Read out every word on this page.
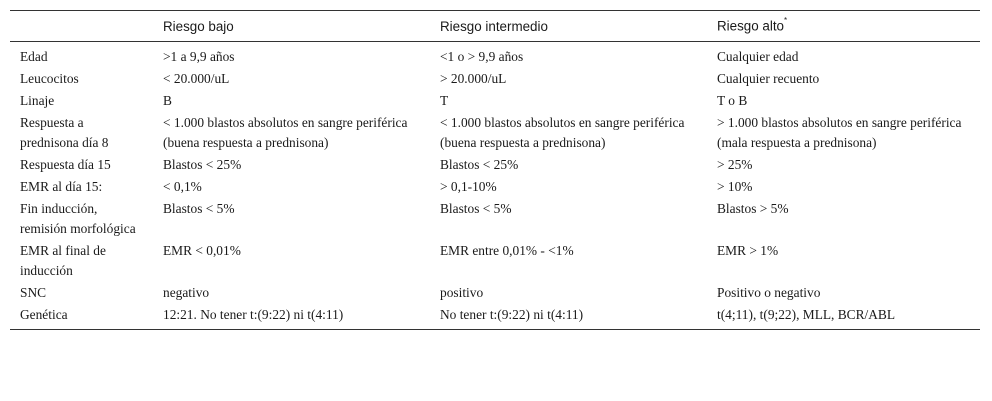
	Riesgo bajo	Riesgo intermedio	Riesgo alto*
Edad	>1 a 9,9 años	<1 o > 9,9 años	Cualquier edad
Leucocitos	< 20.000/uL	> 20.000/uL	Cualquier recuento
Linaje	B	T	T o B
Respuesta a prednisona día 8	< 1.000 blastos absolutos en sangre periférica (buena respuesta a prednisona)	< 1.000 blastos absolutos en sangre periférica (buena respuesta a prednisona)	> 1.000 blastos absolutos en sangre periférica (mala respuesta a prednisona)
Respuesta día 15	Blastos < 25%	Blastos < 25%	> 25%
EMR al día 15:	< 0,1%	> 0,1-10%	> 10%
Fin inducción, remisión morfológica	Blastos < 5%	Blastos < 5%	Blastos > 5%
EMR al final de inducción	EMR < 0,01%	EMR entre 0,01% - <1%	EMR > 1%
SNC	negativo	positivo	Positivo o negativo
Genética	12:21. No tener t:(9:22) ni t(4:11)	No tener t:(9:22) ni t(4:11)	t(4;11), t(9;22), MLL, BCR/ABL
